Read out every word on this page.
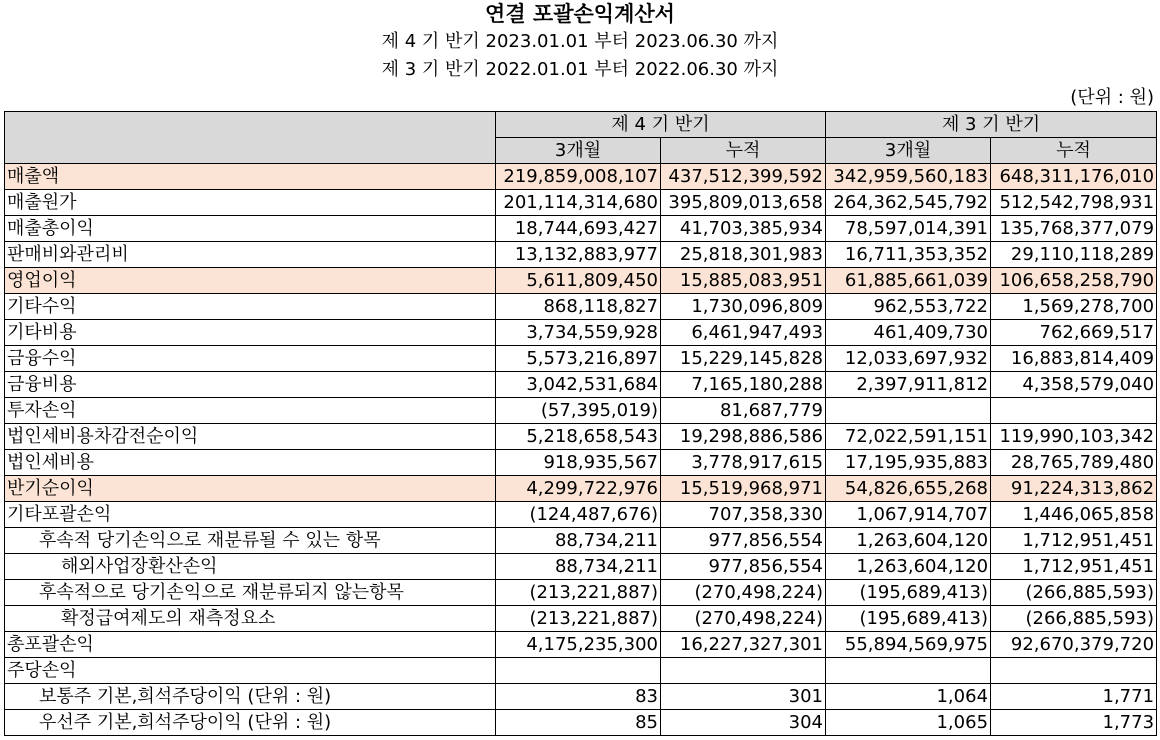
연결 포괄손익계산서
제 4 기 반기 2023.01.01 부터 2023.06.30 까지
제 3 기 반기 2022.01.01 부터 2022.06.30 까지
(단위 : 원)
	제 4 기 반기		제 3 기 반기	
	3개월	누적	3개월	누적
매출액	219,859,008,107	437,512,399,592	342,959,560,183	648,311,176,010
매출원가	201,114,314,680	395,809,013,658	264,362,545,792	512,542,798,931
매출총이익	18,744,693,427	41,703,385,934	78,597,014,391	135,768,377,079
판매비와관리비	13,132,883,977	25,818,301,983	16,711,353,352	29,110,118,289
영업이익	5,611,809,450	15,885,083,951	61,885,661,039	106,658,258,790
기타수익	868,118,827	1,730,096,809	962,553,722	1,569,278,700
기타비용	3,734,559,928	6,461,947,493	461,409,730	762,669,517
금융수익	5,573,216,897	15,229,145,828	12,033,697,932	16,883,814,409
금융비용	3,042,531,684	7,165,180,288	2,397,911,812	4,358,579,040
투자손익	(57,395,019)	81,687,779		
법인세비용차감전순이익	5,218,658,543	19,298,886,586	72,022,591,151	119,990,103,342
법인세비용	918,935,567	3,778,917,615	17,195,935,883	28,765,789,480
반기순이익	4,299,722,976	15,519,968,971	54,826,655,268	91,224,313,862
기타포괄손익	(124,487,676)	707,358,330	1,067,914,707	1,446,065,858
후속적 당기손익으로 재분류될 수 있는 항목	88,734,211	977,856,554	1,263,604,120	1,712,951,451
해외사업장환산손익	88,734,211	977,856,554	1,263,604,120	1,712,951,451
후속적으로 당기손익으로 재분류되지 않는항목	(213,221,887)	(270,498,224)	(195,689,413)	(266,885,593)
확정급여제도의 재측정요소	(213,221,887)	(270,498,224)	(195,689,413)	(266,885,593)
총포괄손익	4,175,235,300	16,227,327,301	55,894,569,975	92,670,379,720
주당손익				
보통주 기본,희석주당이익 (단위 : 원)	83	301	1,064	1,771
우선주 기본,희석주당이익 (단위 : 원)	85	304	1,065	1,773
